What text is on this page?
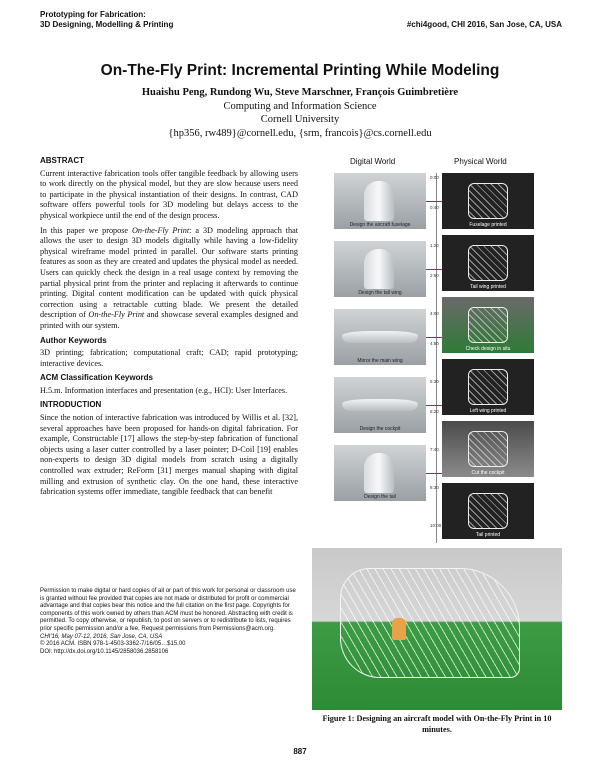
Prototyping for Fabrication:
3D Designing, Modelling & Printing	#chi4good, CHI 2016, San Jose, CA, USA
On-The-Fly Print: Incremental Printing While Modeling
Huaishu Peng, Rundong Wu, Steve Marschner, François Guimbretière
Computing and Information Science
Cornell University
{hp356, rw489}@cornell.edu, {srm, francois}@cs.cornell.edu
ABSTRACT

Current interactive fabrication tools offer tangible feedback by allowing users to work directly on the physical model, but they are slow because users need to participate in the physical instantiation of their designs. In contrast, CAD software offers powerful tools for 3D modeling but delays access to the physical workpiece until the end of the design process.

In this paper we propose On-the-Fly Print: a 3D modeling approach that allows the user to design 3D models digitally while having a low-fidelity physical wireframe model printed in parallel. Our software starts printing features as soon as they are created and updates the physical model as needed. Users can quickly check the design in a real usage context by removing the partial physical print from the printer and replacing it afterwards to continue printing. Digital content modification can be updated with quick physical correction using a retractable cutting blade. We present the detailed description of On-the-Fly Print and showcase several examples designed and printed with our system.

Author Keywords

3D printing; fabrication; computational craft; CAD; rapid prototyping; interactive devices.

ACM Classification Keywords

H.5.m. Information interfaces and presentation (e.g., HCI): User Interfaces.

INTRODUCTION

Since the notion of interactive fabrication was introduced by Willis et al. [32], several approaches have been proposed for hands-on digital fabrication. For example, Constructable [17] allows the step-by-step fabrication of functional objects using a laser cutter controlled by a laser pointer; D-Coil [19] enables non-experts to design 3D digital models from scratch using a digitally controlled wax extruder; ReForm [31] merges manual shaping with digital milling and extrusion of synthetic clay. On the one hand, these interactive fabrication systems offer immediate, tangible feedback that can benefit

Permission to make digital or hard copies of all or part of this work for personal or classroom use is granted without fee provided that copies are not made or distributed for profit or commercial advantage and that copies bear this notice and the full citation on the first page. Copyrights for components of this work owned by others than ACM must be honored. Abstracting with credit is permitted. To copy otherwise, or republish, to post on servers or to redistribute to lists, requires prior specific permission and/or a fee. Request permissions from Permissions@acm.org.
CHI'16, May 07-12, 2016, San Jose, CA, USA
© 2016 ACM. ISBN 978-1-4503-3362-7/16/05…$15.00
DOI: http://dx.doi.org/10.1145/2858036.2858106
Digital World	Physical World
Design the aircraft fuselage
Design the tail wing
Mirror the main wing
Design the cockpit
Design the tail
Fuselage printed
Tail wing printed
Check design in situ
Left wing printed
Cut the cockpit
Tail printed
0:00
0:40
1:20
2:50
4:00
4:50
5:30
6:20
7:40
8:30
10:00
Figure 1: Designing an aircraft model with On-the-Fly Print in 10 minutes.
887
